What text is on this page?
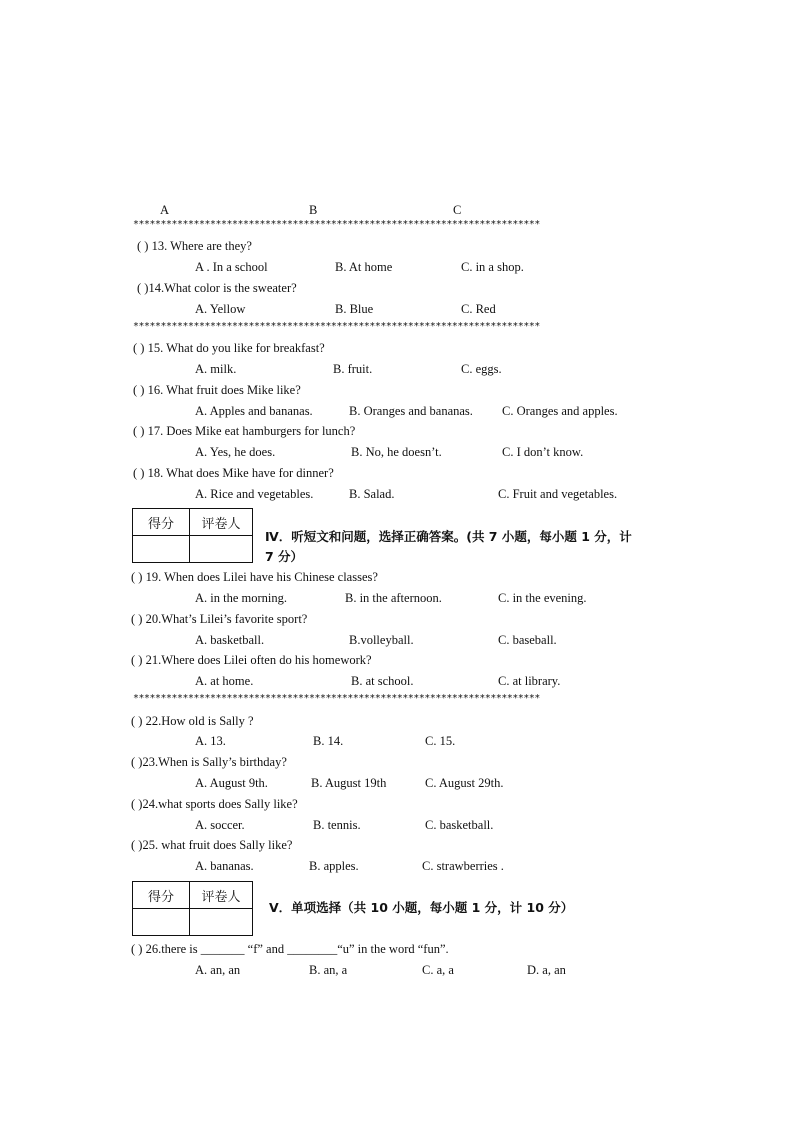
A	B	C
**************************************************************************
( ) 13. Where are they?
A . In a school	B. At home	C. in a shop.
( )14.What color is the sweater?
A. Yellow	B. Blue	C. Red
**************************************************************************
( ) 15. What do you like for breakfast?
A. milk.	B. fruit.	C. eggs.
( ) 16. What fruit does Mike like?
A. Apples and bananas.	B. Oranges and bananas. C. Oranges and apples.
( ) 17. Does Mike eat hamburgers for lunch?
A. Yes, he does.	B. No, he doesn’t.	C. I don’t know.
( ) 18. What does Mike have for dinner?
A. Rice and vegetables.	B. Salad.	C. Fruit and vegetables.
得分	评卷人

Ⅳ．听短文和问题，选择正确答案。(共 7 小题，每小题 1 分，计
7 分）
( ) 19. When does Lilei have his Chinese classes?
A. in the morning.	B. in the afternoon.	C. in the evening.
( ) 20.What’s Lilei’s favorite sport?
A. basketball.	B.volleyball.	C. baseball.
( ) 21.Where does Lilei often do his homework?
A. at home.	B. at school.	C. at library.
**************************************************************************
( ) 22.How old is Sally ?
A. 13.	B. 14.	C. 15.
( )23.When is Sally’s birthday?
A. August 9th.	B. August 19th	C. August 29th.
( )24.what sports does Sally like?
A. soccer.	B. tennis.	C. basketball.
( )25. what fruit does Sally like?
A. bananas.	B. apples.	C. strawberries .
得分	评卷人

Ⅴ．单项选择（共 10 小题，每小题 1 分，计 10 分）
( ) 26.there is _______ “f” and ________“u” in the word “fun”.
A. an, an	B. an, a	C. a, a	D. a, an
